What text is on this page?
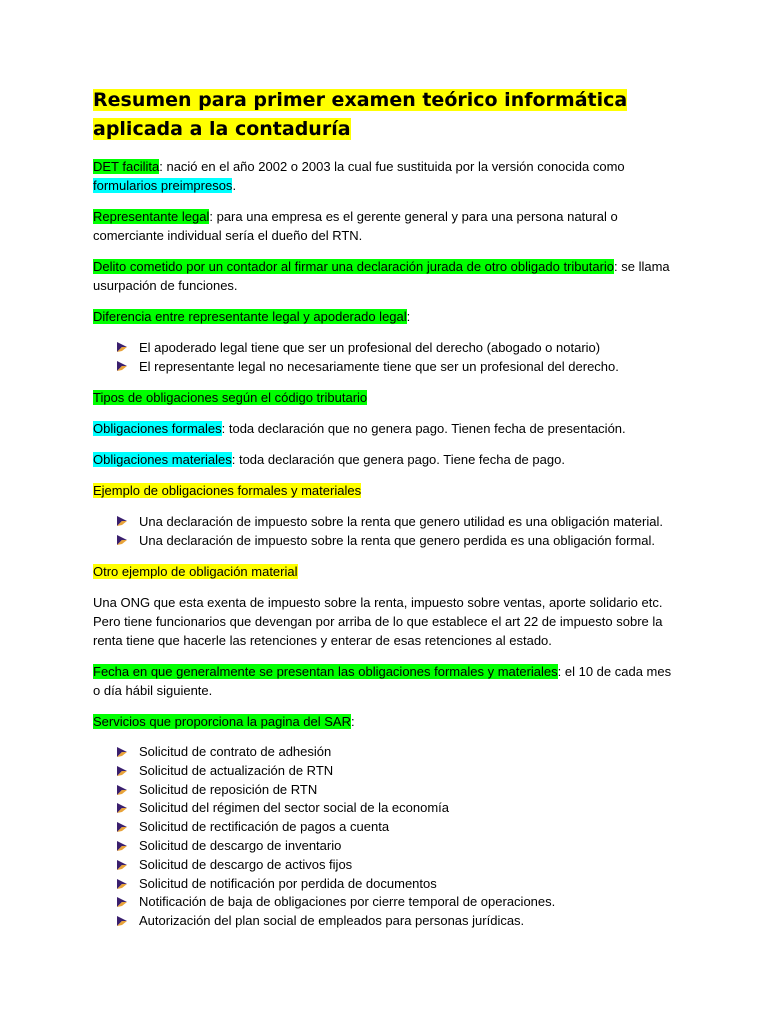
Resumen para primer examen teórico informática aplicada a la contaduría

DET facilita: nació en el año 2002 o 2003 la cual fue sustituida por la versión conocida como formularios preimpresos.

Representante legal: para una empresa es el gerente general y para una persona natural o comerciante individual sería el dueño del RTN.

Delito cometido por un contador al firmar una declaración jurada de otro obligado tributario: se llama usurpación de funciones.

Diferencia entre representante legal y apoderado legal:

El apoderado legal tiene que ser un profesional del derecho (abogado o notario)
El representante legal no necesariamente tiene que ser un profesional del derecho.

Tipos de obligaciones según el código tributario

Obligaciones formales: toda declaración que no genera pago. Tienen fecha de presentación.

Obligaciones materiales: toda declaración que genera pago. Tiene fecha de pago.

Ejemplo de obligaciones formales y materiales

Una declaración de impuesto sobre la renta que genero utilidad es una obligación material.
Una declaración de impuesto sobre la renta que genero perdida es una obligación formal.

Otro ejemplo de obligación material

Una ONG que esta exenta de impuesto sobre la renta, impuesto sobre ventas, aporte solidario etc. Pero tiene funcionarios que devengan por arriba de lo que establece el art 22 de impuesto sobre la renta tiene que hacerle las retenciones y enterar de esas retenciones al estado.

Fecha en que generalmente se presentan las obligaciones formales y materiales: el 10 de cada mes o día hábil siguiente.

Servicios que proporciona la pagina del SAR:

Solicitud de contrato de adhesión
Solicitud de actualización de RTN
Solicitud de reposición de RTN
Solicitud del régimen del sector social de la economía
Solicitud de rectificación de pagos a cuenta
Solicitud de descargo de inventario
Solicitud de descargo de activos fijos
Solicitud de notificación por perdida de documentos
Notificación de baja de obligaciones por cierre temporal de operaciones.
Autorización del plan social de empleados para personas jurídicas.
